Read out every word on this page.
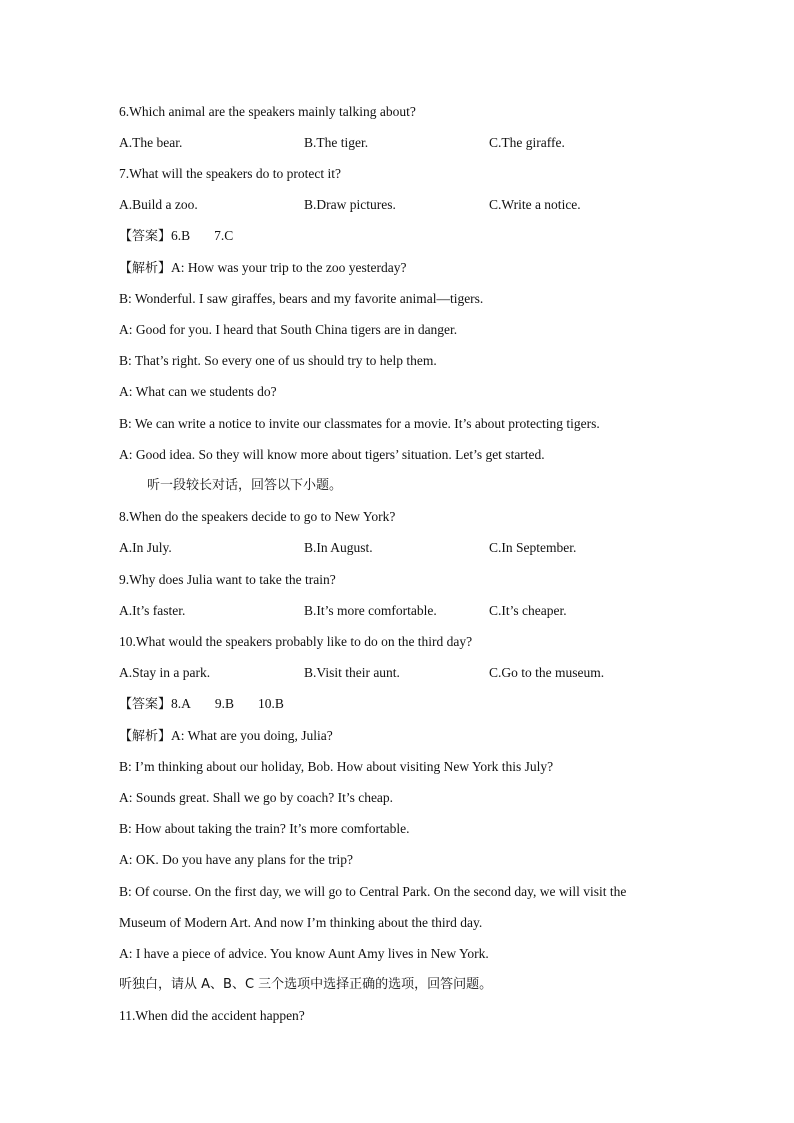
6.Which animal are the speakers mainly talking about?
A.The bear.	B.The tiger.	C.The giraffe.
7.What will the speakers do to protect it?
A.Build a zoo.	B.Draw pictures.	C.Write a notice.
【答案】6.B 7.C
【解析】A: How was your trip to the zoo yesterday?
B: Wonderful. I saw giraffes, bears and my favorite animal—tigers.
A: Good for you. I heard that South China tigers are in danger.
B: That’s right. So every one of us should try to help them.
A: What can we students do?
B: We can write a notice to invite our classmates for a movie. It’s about protecting tigers.
A: Good idea. So they will know more about tigers’ situation. Let’s get started.
听一段较长对话，回答以下小题。
8.When do the speakers decide to go to New York?
A.In July.	B.In August.	C.In September.
9.Why does Julia want to take the train?
A.It’s faster.	B.It’s more comfortable.	C.It’s cheaper.
10.What would the speakers probably like to do on the third day?
A.Stay in a park.	B.Visit their aunt.	C.Go to the museum.
【答案】8.A 9.B 10.B
【解析】A: What are you doing, Julia?
B: I’m thinking about our holiday, Bob. How about visiting New York this July?
A: Sounds great. Shall we go by coach? It’s cheap.
B: How about taking the train? It’s more comfortable.
A: OK. Do you have any plans for the trip?
B: Of course. On the first day, we will go to Central Park. On the second day, we will visit the
Museum of Modern Art. And now I’m thinking about the third day.
A: I have a piece of advice. You know Aunt Amy lives in New York.
听独白，请从 A、B、C 三个选项中选择正确的选项，回答问题。
11.When did the accident happen?
